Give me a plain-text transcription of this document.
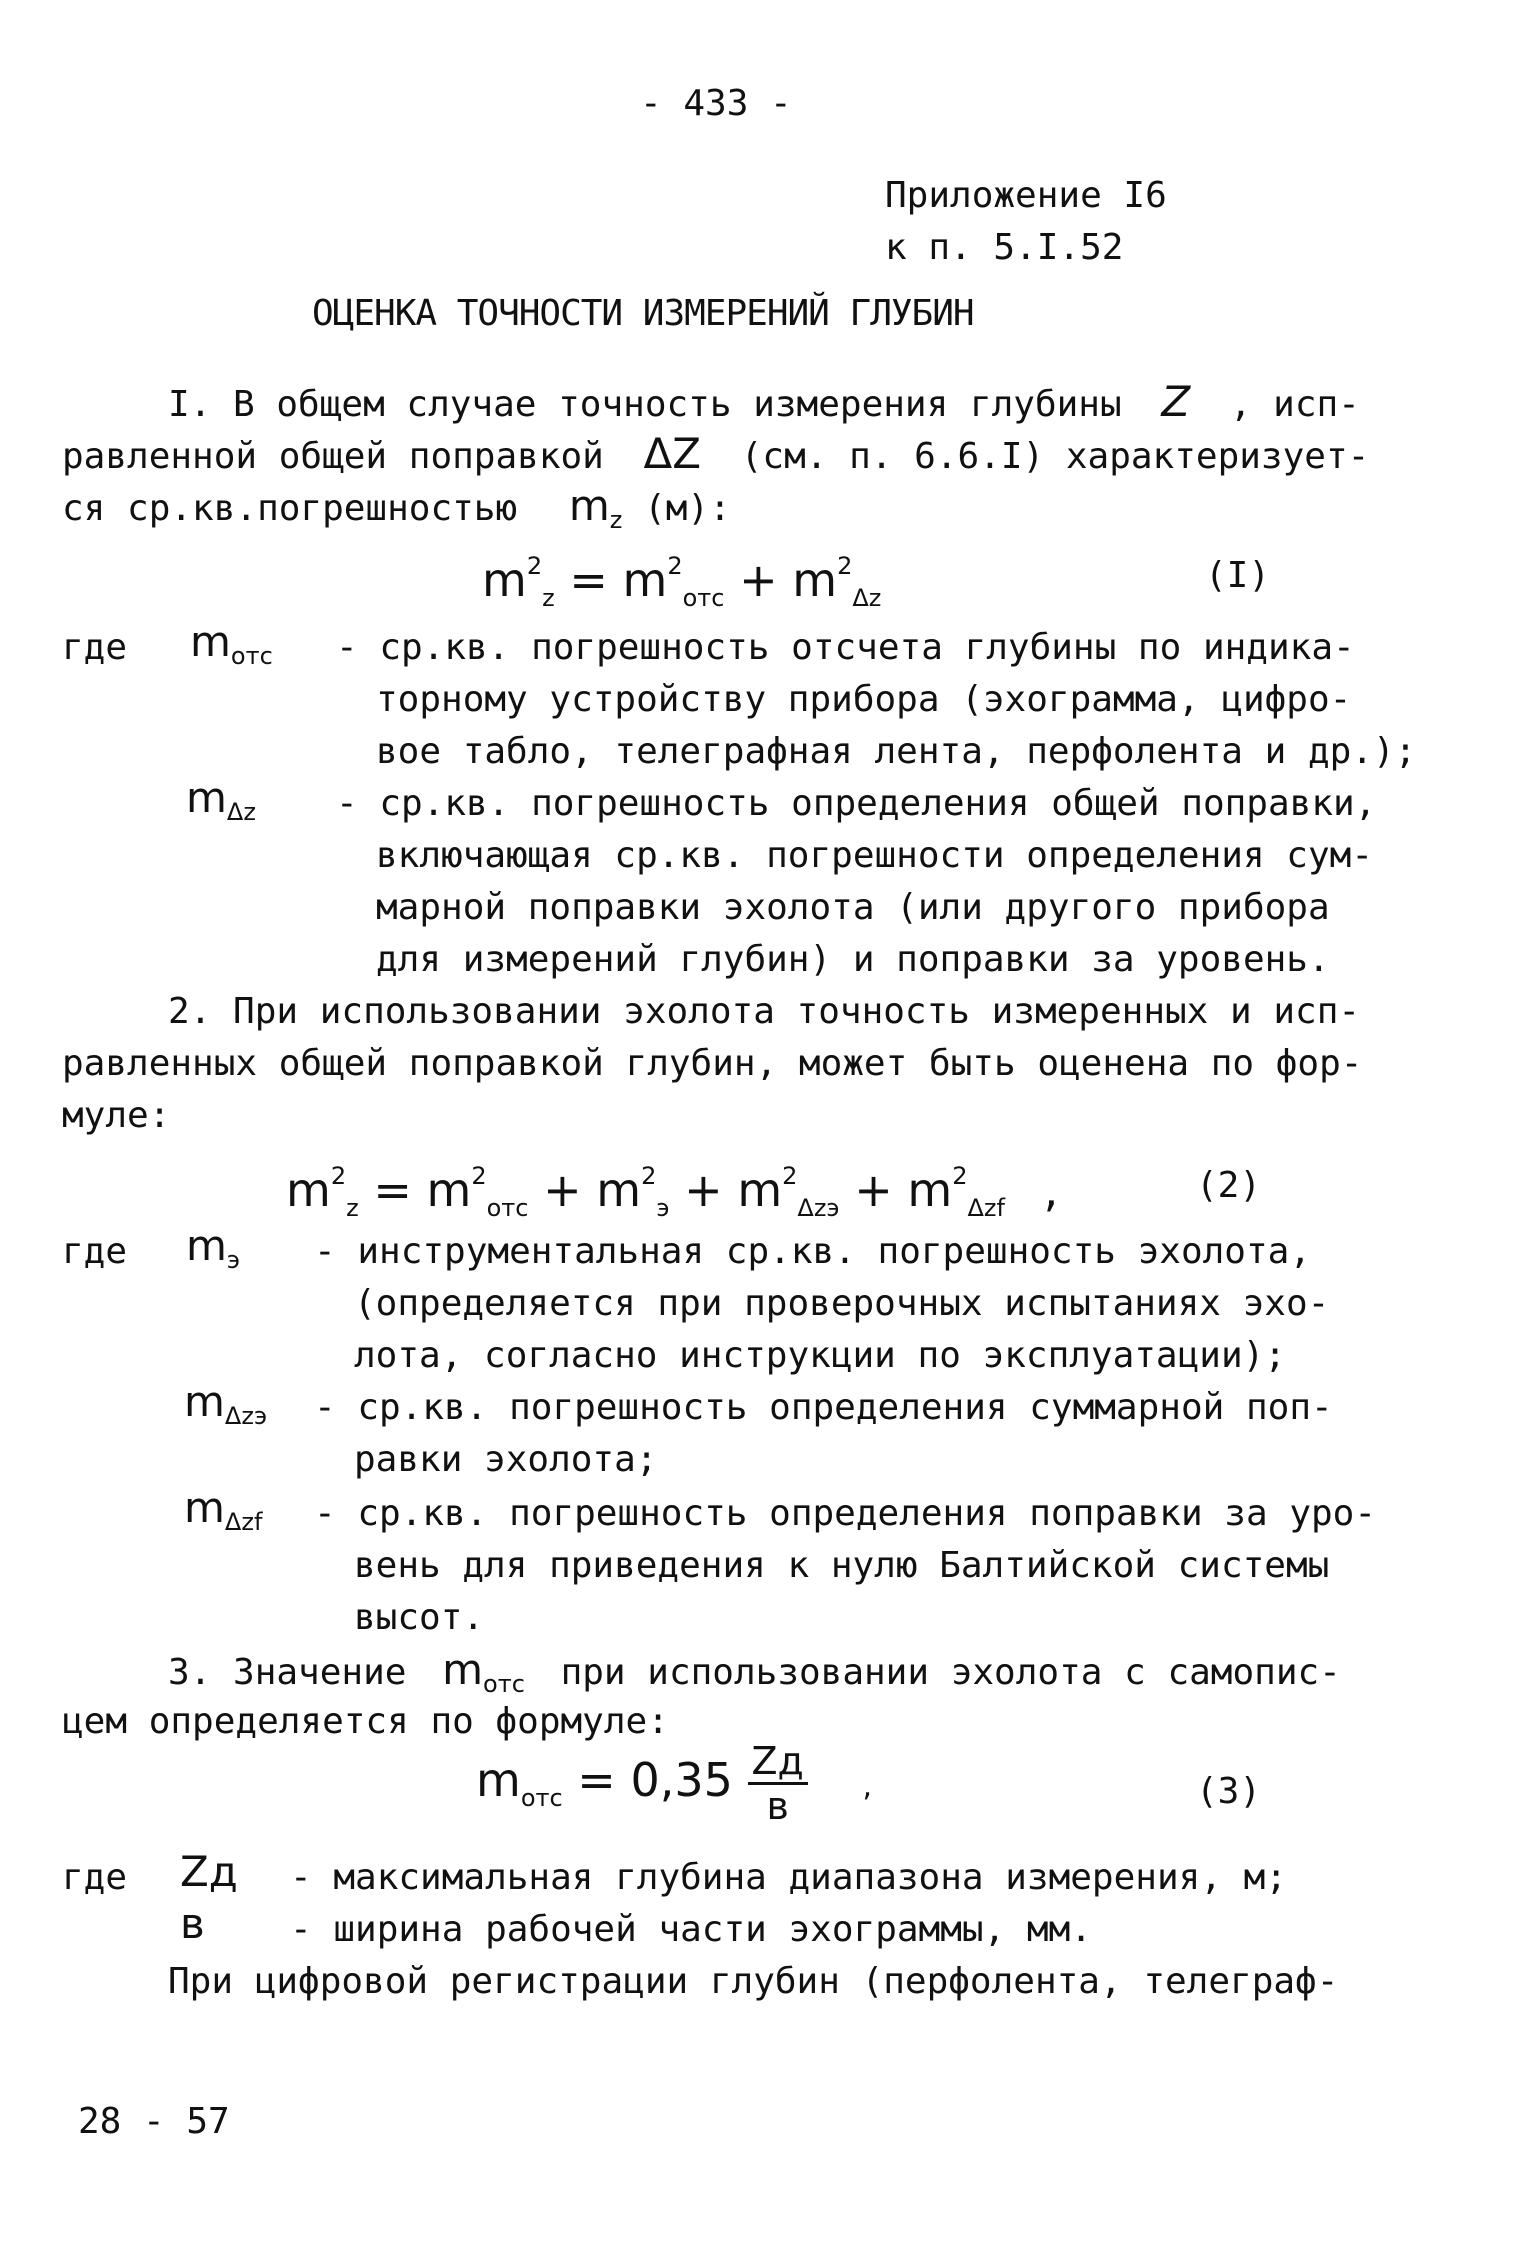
- 433 -
Приложение I6
к п. 5.I.52
ОЦЕНКА ТОЧНОСТИ ИЗМЕРЕНИЙ ГЛУБИН
I. В общем случае точность измерения глубины Z , исп-
равленной общей поправкой ΔZ (см. п. 6.6.I) характеризует-
ся ср.кв.погрешностью $m_z$ (м):
$m^2_z = m^2_{отс} + m^2_{\Delta z}$
(I)
где $m_{отс} - ср.кв$. погрешность отсчета глубины по индика-
торному устройству прибора (эхограмма, цифро-
вое табло, телеграфная лента, перфолента и др.);
$m_{\Delta z} - ср.кв$. погрешность определения общей поправки,
включающая ср.кв. погрешности определения сум-
марной поправки эхолота (или другого прибора
для измерений глубин) и поправки за уровень.
2. При использовании эхолота точность измеренных и исп-
равленных общей поправкой глубин, может быть оценена по фор-
муле:
$m^2_z = m^2_{отс} + m^2_э + m^2_{\Delta zэ} + m^2_{\Delta zf}$ ,	(2)
где $m_э$ - инструментальная ср.кв. погрешность эхолота,
(определяется при проверочных испытаниях эхо-
лота, согласно инструкции по эксплуатации);
$m_{\Delta zэ} - ср.кв$. погрешность определения суммарной поп-
равки эхолота;
$m_{\Delta zf} - ср.кв$. погрешность определения поправки за уро-
вень для приведения к нулю Балтийской системы
высот.
3. Значение $m_{отс}$ при использовании эхолота с самопис-
цем определяется по формуле:
$m_{отс} = 0,35 \frac{Zд}{в}$ ,	(3)
где Zд - максимальная глубина диапазона измерения, м;
в - ширина рабочей части эхограммы, мм.
При цифровой регистрации глубин (перфолента, телеграф-
28 - 57
